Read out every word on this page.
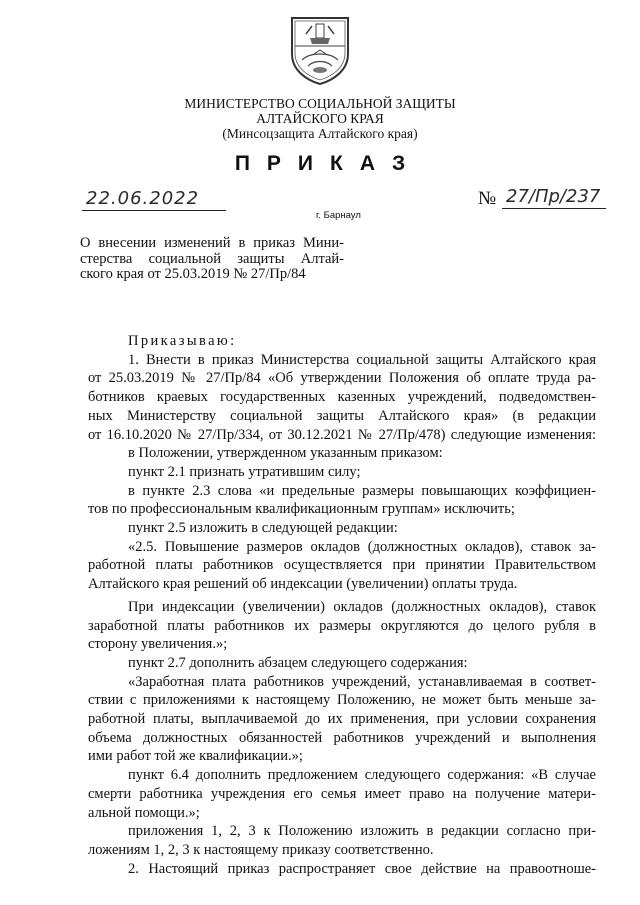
МИНИСТЕРСТВО СОЦИАЛЬНОЙ ЗАЩИТЫ
АЛТАЙСКОГО КРАЯ
(Минсоцзащита Алтайского края)
ПРИКАЗ
22.06.2022	№ 27/Пр/237
г. Барнаул
О внесении изменений в приказ Мини-
стерства социальной защиты Алтай-
ского края от 25.03.2019 № 27/Пр/84
Приказываю:
1. Внести в приказ Министерства социальной защиты Алтайского края
от 25.03.2019 № 27/Пр/84 «Об утверждении Положения об оплате труда ра-
ботников краевых государственных казенных учреждений, подведомствен-
ных Министерству социальной защиты Алтайского края» (в редакции
от 16.10.2020 № 27/Пр/334, от 30.12.2021 № 27/Пр/478) следующие изменения:
в Положении, утвержденном указанным приказом:
пункт 2.1 признать утратившим силу;
в пункте 2.3 слова «и предельные размеры повышающих коэффициен-
тов по профессиональным квалификационным группам» исключить;
пункт 2.5 изложить в следующей редакции:
«2.5. Повышение размеров окладов (должностных окладов), ставок за-
работной платы работников осуществляется при принятии Правительством
Алтайского края решений об индексации (увеличении) оплаты труда.
При индексации (увеличении) окладов (должностных окладов), ставок
заработной платы работников их размеры округляются до целого рубля в
сторону увеличения.»;
пункт 2.7 дополнить абзацем следующего содержания:
«Заработная плата работников учреждений, устанавливаемая в соответ-
ствии с приложениями к настоящему Положению, не может быть меньше за-
работной платы, выплачиваемой до их применения, при условии сохранения
объема должностных обязанностей работников учреждений и выполнения
ими работ той же квалификации.»;
пункт 6.4 дополнить предложением следующего содержания: «В случае
смерти работника учреждения его семья имеет право на получение матери-
альной помощи.»;
приложения 1, 2, 3 к Положению изложить в редакции согласно при-
ложениям 1, 2, 3 к настоящему приказу соответственно.
2. Настоящий приказ распространяет свое действие на правоотноше-
